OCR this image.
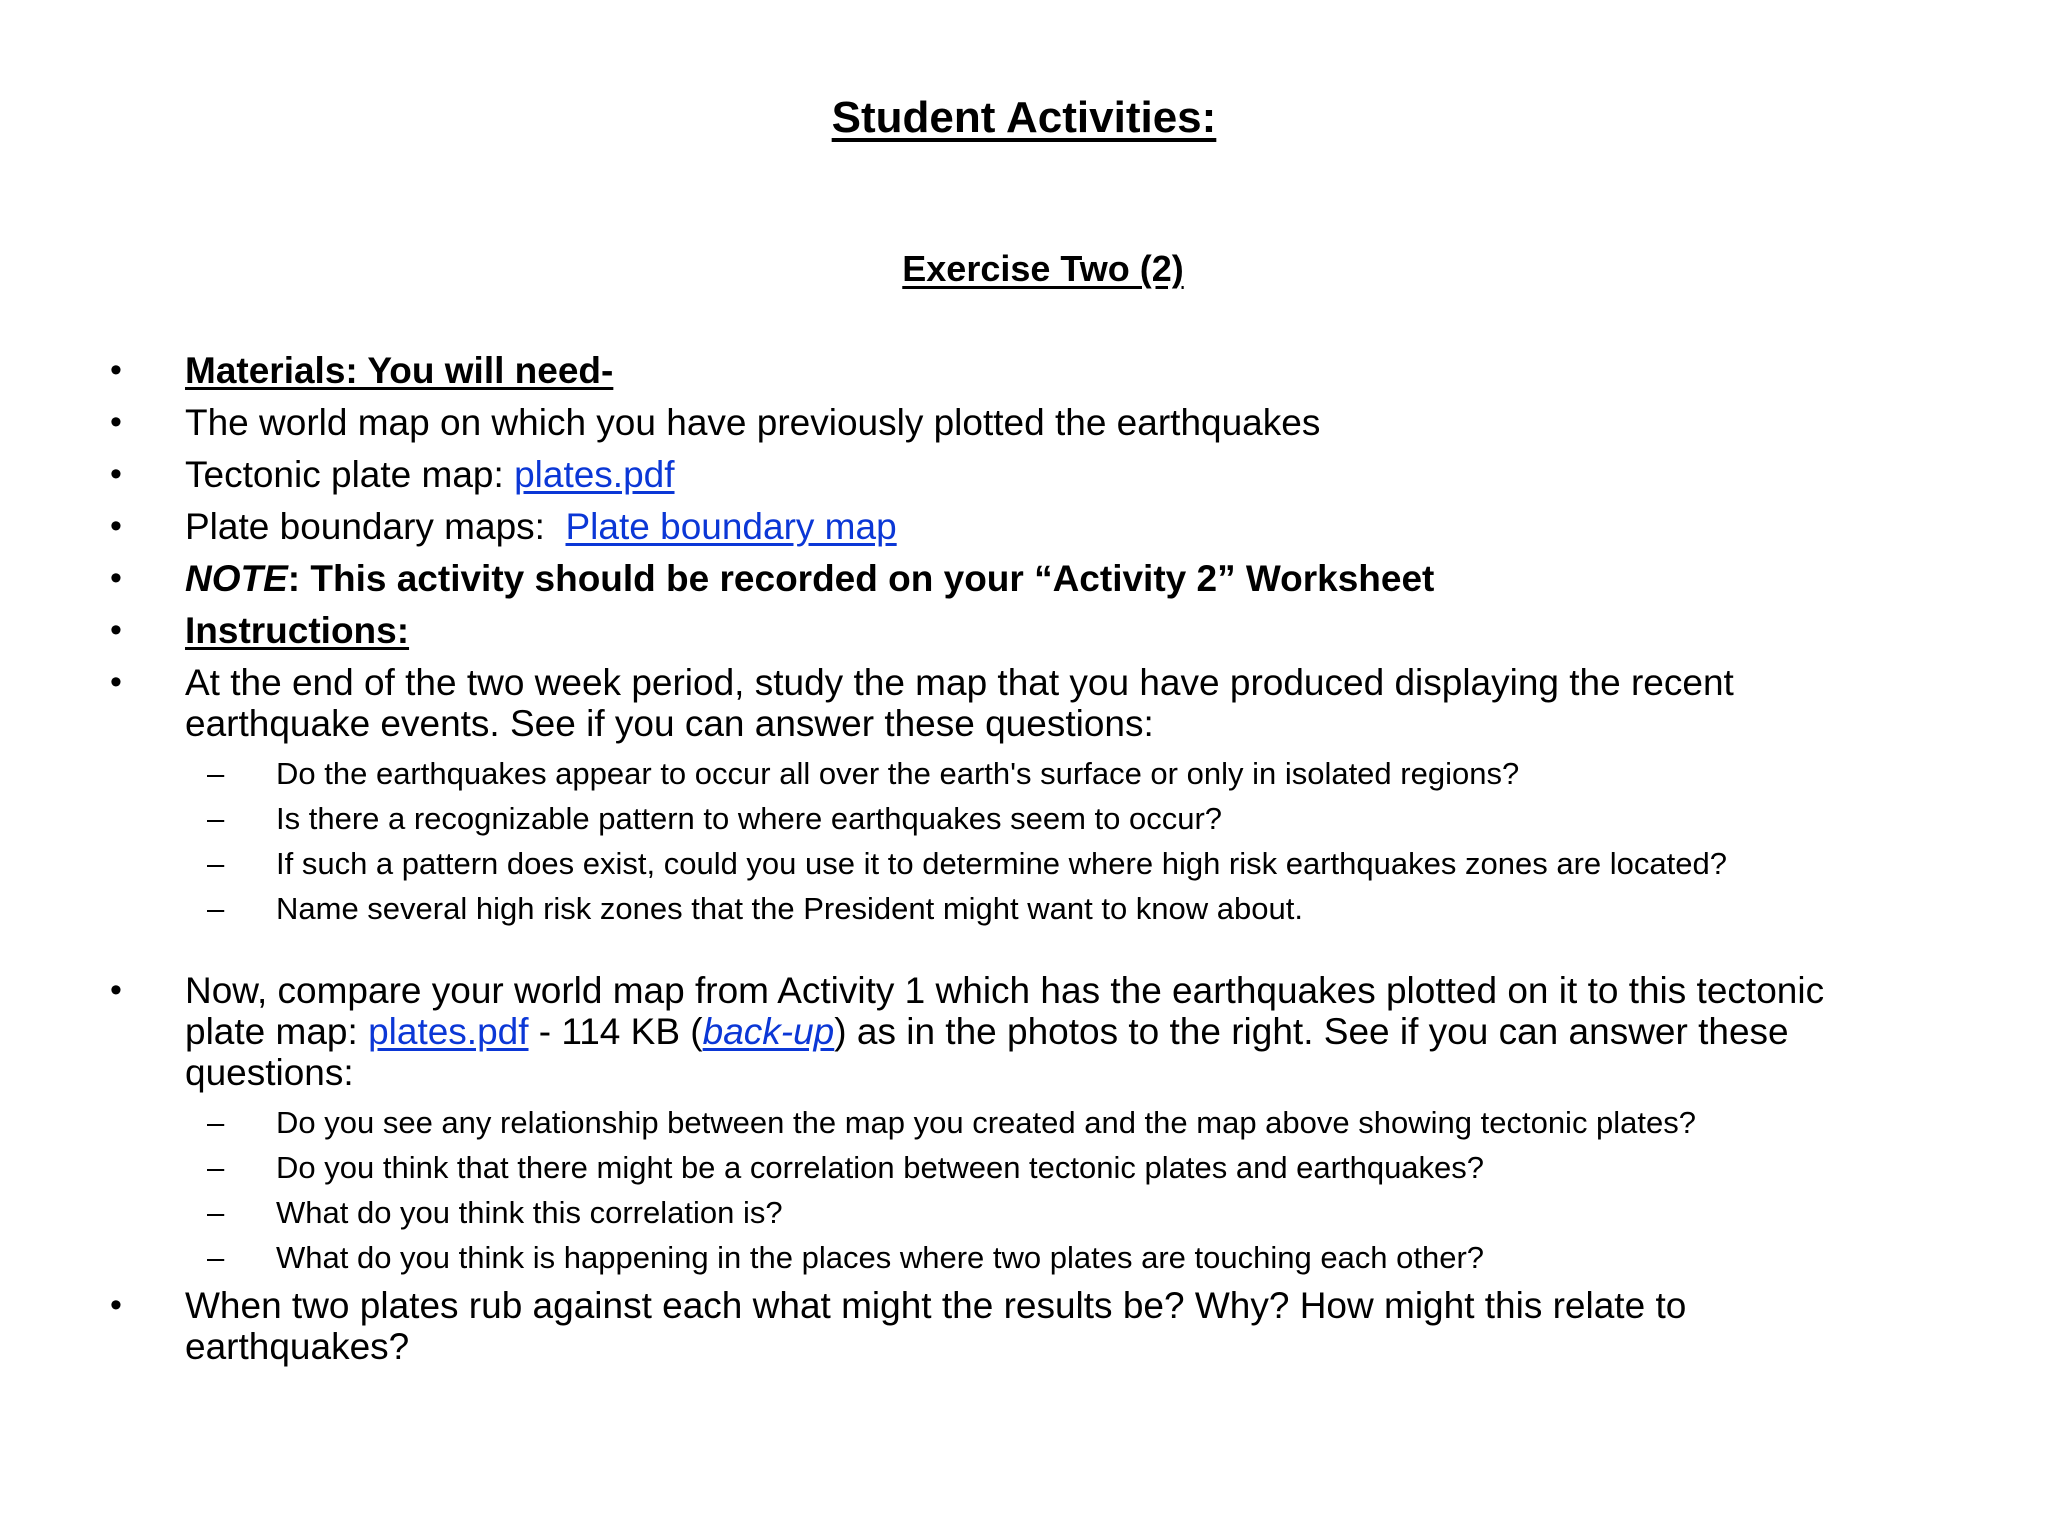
Student Activities:
Exercise Two (2)

• Materials: You will need-

• The world map on which you have previously plotted the earthquakes

• Tectonic plate map: plates.pdf

• Plate boundary maps:  Plate boundary map

• NOTE: This activity should be recorded on your “Activity 2” Worksheet

• Instructions:

• At the end of the two week period, study the map that you have produced displaying the recent
earthquake events. See if you can answer these questions:

– Do the earthquakes appear to occur all over the earth's surface or only in isolated regions?

– Is there a recognizable pattern to where earthquakes seem to occur?

– If such a pattern does exist, could you use it to determine where high risk earthquakes zones are located?

– Name several high risk zones that the President might want to know about.

• Now, compare your world map from Activity 1 which has the earthquakes plotted on it to this tectonic
plate map: plates.pdf - 114 KB (back-up) as in the photos to the right. See if you can answer these
questions:

– Do you see any relationship between the map you created and the map above showing tectonic plates?

– Do you think that there might be a correlation between tectonic plates and earthquakes?

– What do you think this correlation is?

– What do you think is happening in the places where two plates are touching each other?

• When two plates rub against each what might the results be? Why? How might this relate to
earthquakes?
